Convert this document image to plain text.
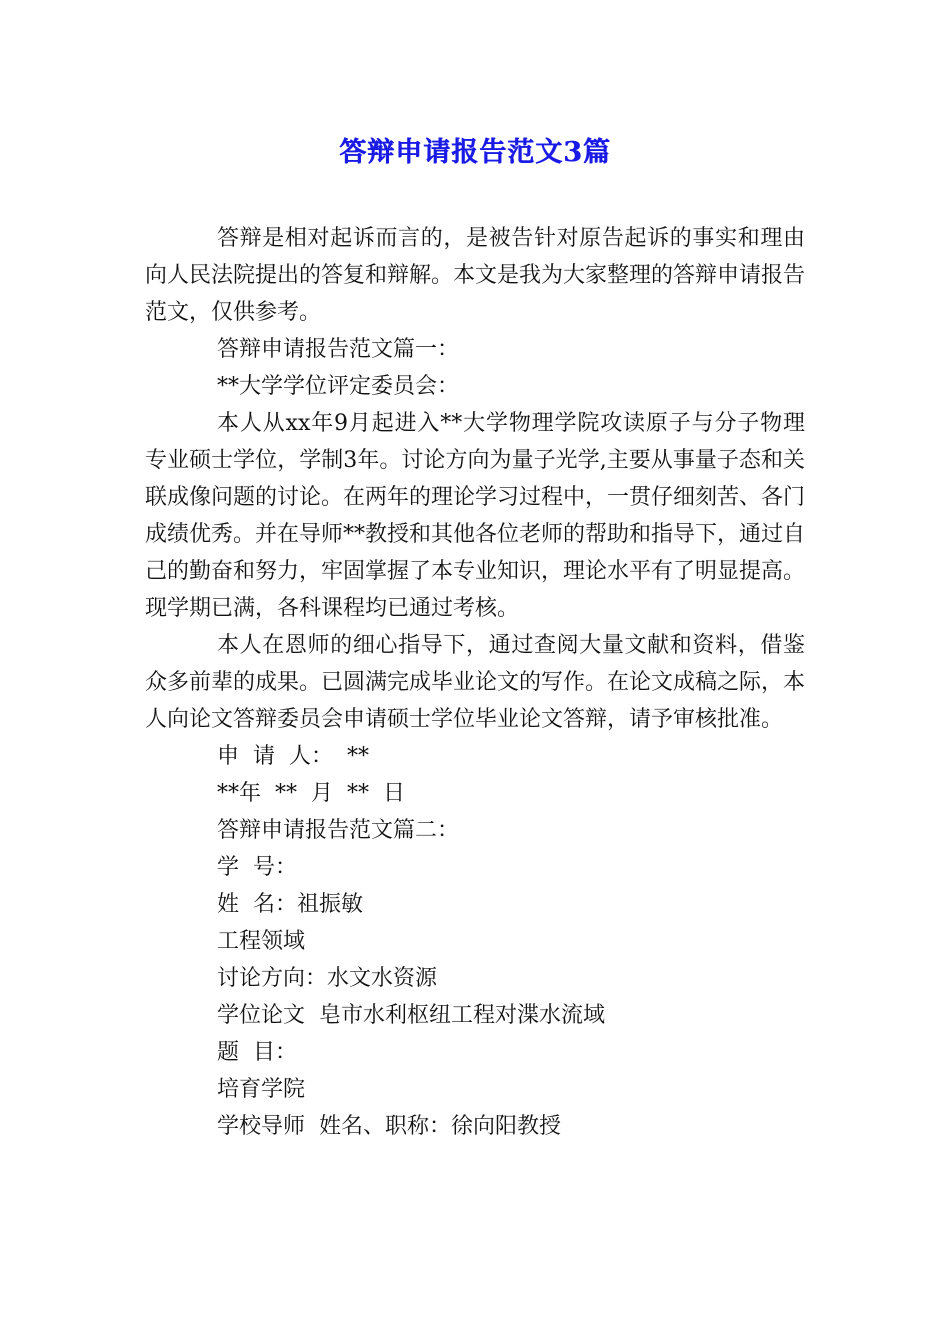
答辩申请报告范文3篇

答辩是相对起诉而言的，是被告针对原告起诉的事实和理由向人民法院提出的答复和辩解。本文是我为大家整理的答辩申请报告范文，仅供参考。

答辩申请报告范文篇一：

**大学学位评定委员会：

本人从xx年9月起进入**大学物理学院攻读原子与分子物理专业硕士学位，学制3年。讨论方向为量子光学,主要从事量子态和关联成像问题的讨论。在两年的理论学习过程中，一贯仔细刻苦、各门成绩优秀。并在导师**教授和其他各位老师的帮助和指导下，通过自己的勤奋和努力，牢固掌握了本专业知识，理论水平有了明显提高。现学期已满，各科课程均已通过考核。

本人在恩师的细心指导下，通过查阅大量文献和资料，借鉴众多前辈的成果。已圆满完成毕业论文的写作。在论文成稿之际，本人向论文答辩委员会申请硕士学位毕业论文答辩，请予审核批准。

申  请  人：  **

**年  **  月  **  日

答辩申请报告范文篇二：

学  号：

姓  名：祖振敏

工程领域

讨论方向：水文水资源

学位论文  皂市水利枢纽工程对渫水流域

题  目：

培育学院

学校导师  姓名、职称：徐向阳教授
